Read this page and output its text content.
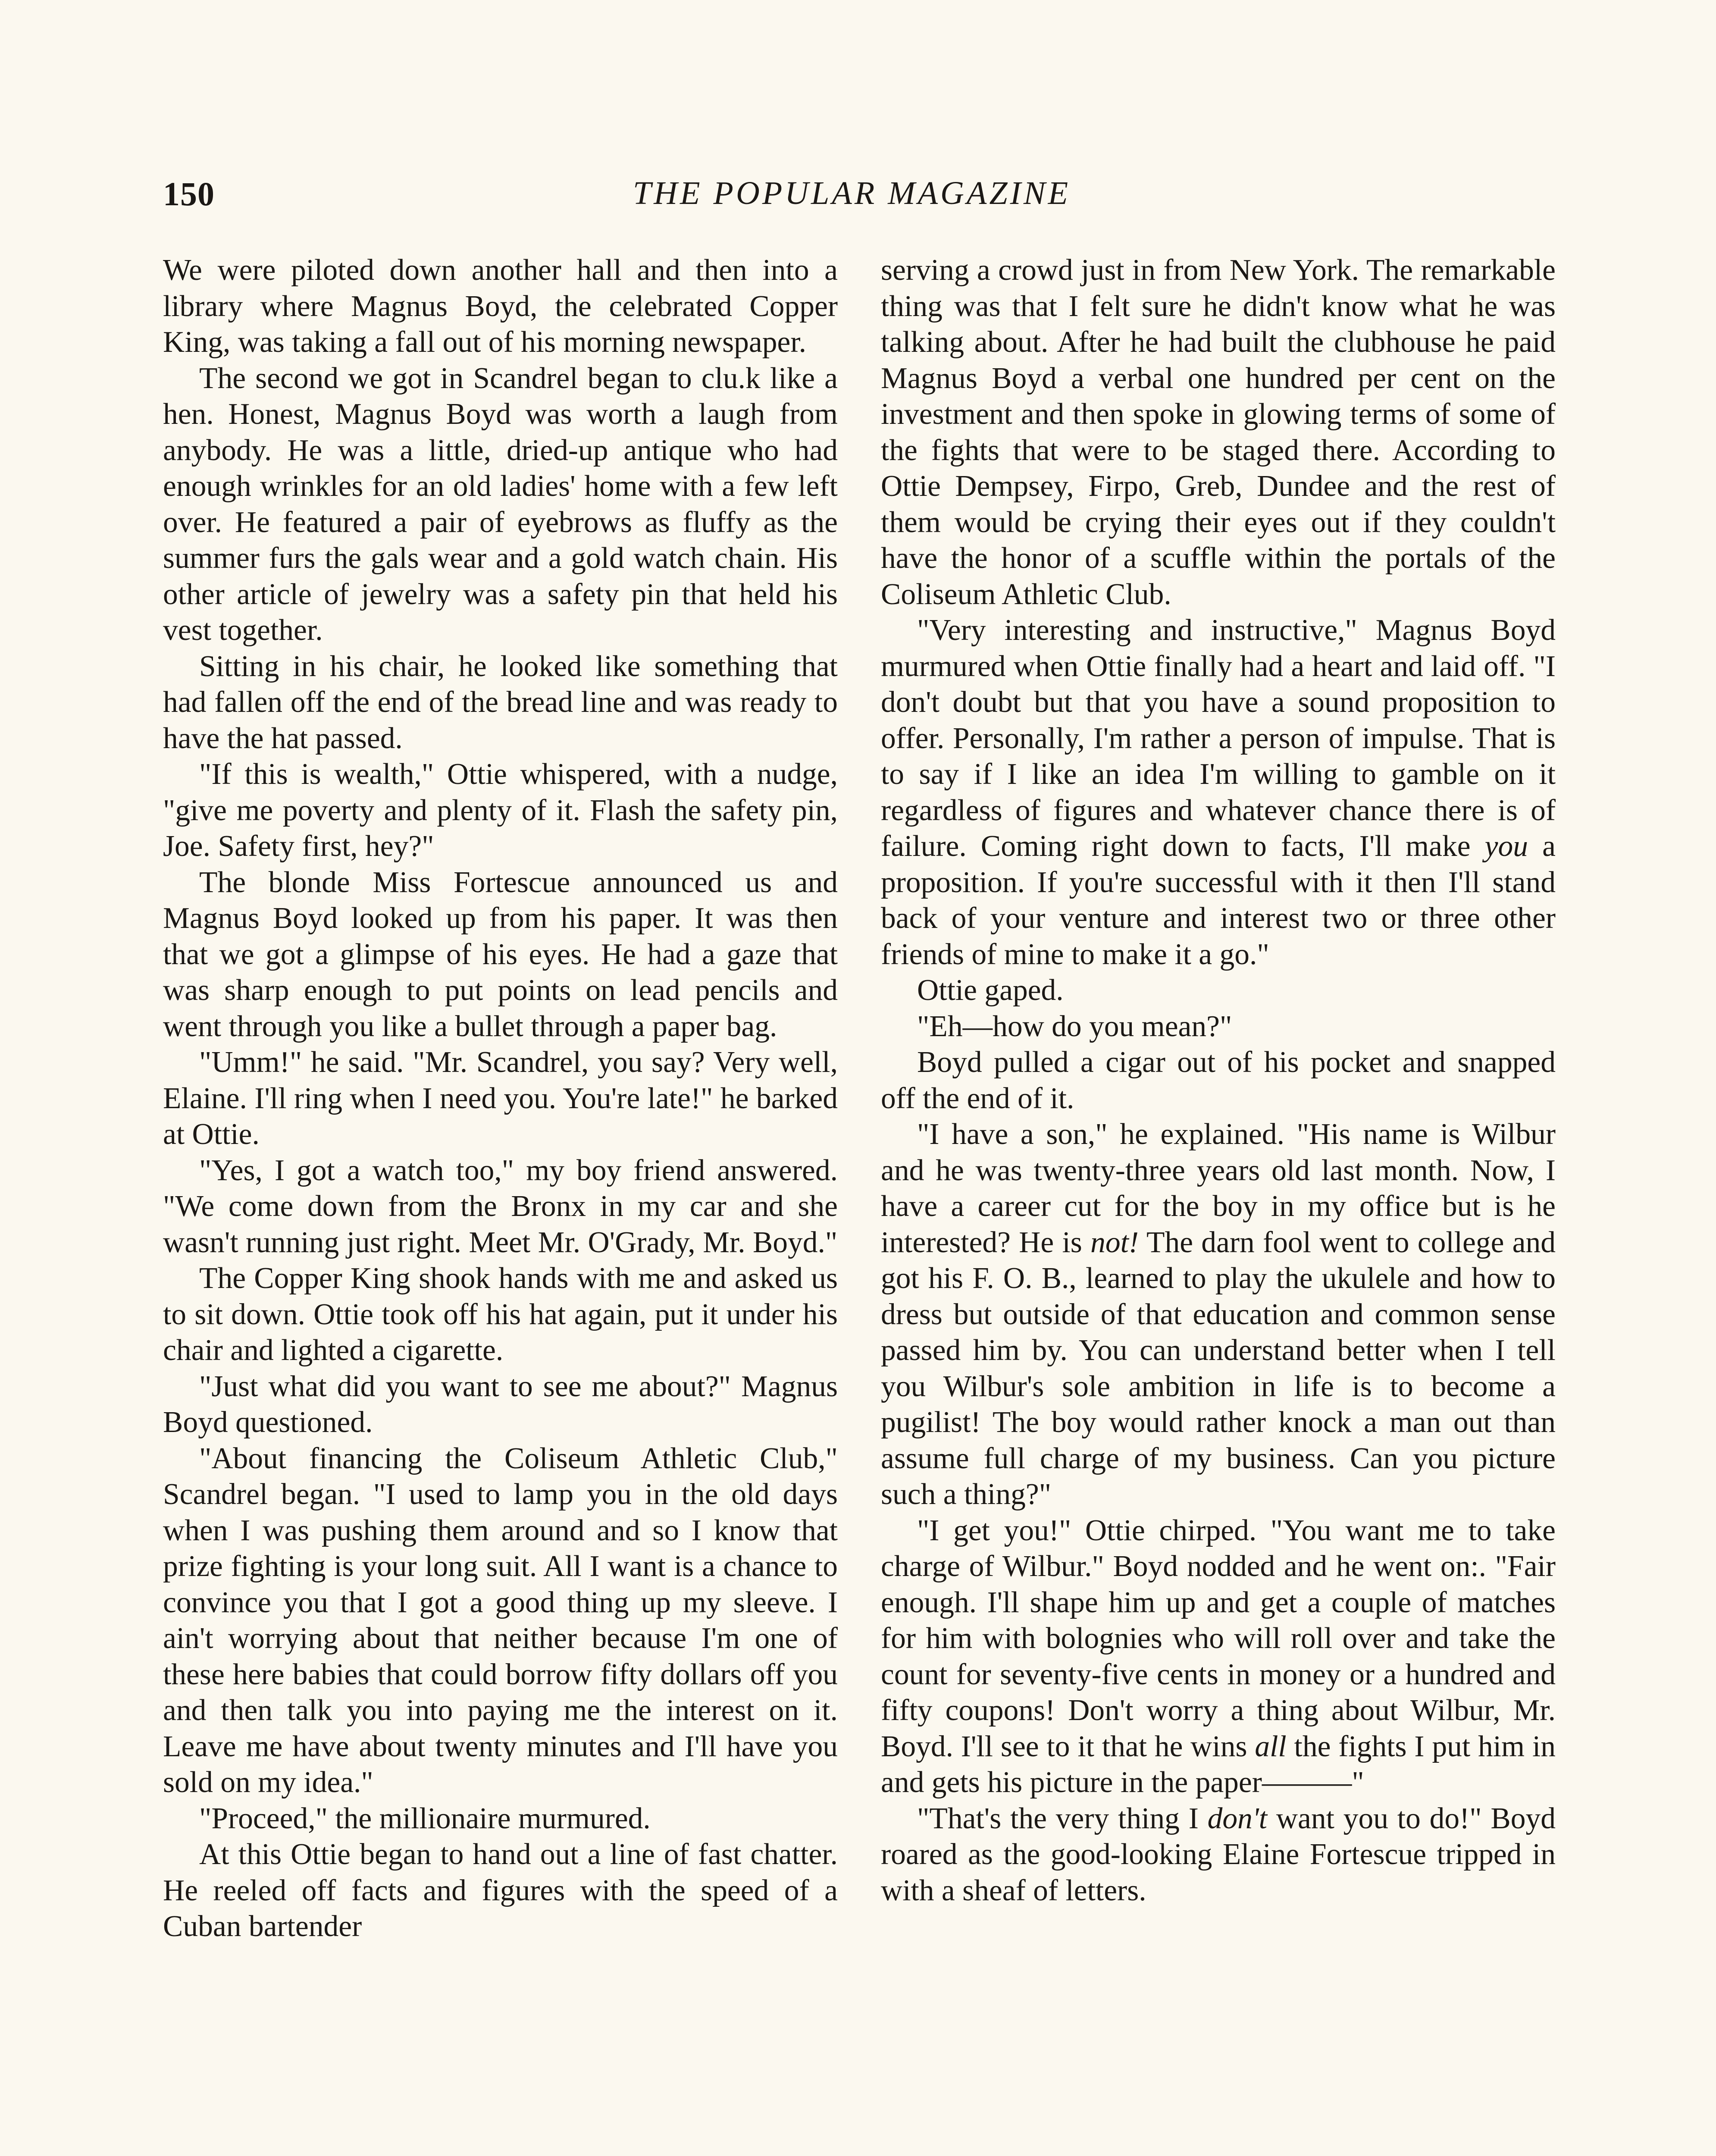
150	THE POPULAR MAGAZINE

We were piloted down another hall and then into a library where Magnus Boyd, the celebrated Copper King, was taking a fall out of his morning newspaper.

The second we got in Scandrel began to clu.k like a hen. Honest, Magnus Boyd was worth a laugh from anybody. He was a little, dried-up antique who had enough wrinkles for an old ladies' home with a few left over. He featured a pair of eyebrows as fluffy as the summer furs the gals wear and a gold watch chain. His other article of jewelry was a safety pin that held his vest together.

Sitting in his chair, he looked like something that had fallen off the end of the bread line and was ready to have the hat passed.

"If this is wealth," Ottie whispered, with a nudge, "give me poverty and plenty of it. Flash the safety pin, Joe. Safety first, hey?"

The blonde Miss Fortescue announced us and Magnus Boyd looked up from his paper. It was then that we got a glimpse of his eyes. He had a gaze that was sharp enough to put points on lead pencils and went through you like a bullet through a paper bag.

"Umm!" he said. "Mr. Scandrel, you say? Very well, Elaine. I'll ring when I need you. You're late!" he barked at Ottie.

"Yes, I got a watch too," my boy friend answered. "We come down from the Bronx in my car and she wasn't running just right. Meet Mr. O'Grady, Mr. Boyd."

The Copper King shook hands with me and asked us to sit down. Ottie took off his hat again, put it under his chair and lighted a cigarette.

"Just what did you want to see me about?" Magnus Boyd questioned.

"About financing the Coliseum Athletic Club," Scandrel began. "I used to lamp you in the old days when I was pushing them around and so I know that prize fighting is your long suit. All I want is a chance to convince you that I got a good thing up my sleeve. I ain't worrying about that neither because I'm one of these here babies that could borrow fifty dollars off you and then talk you into paying me the interest on it. Leave me have about twenty minutes and I'll have you sold on my idea."

"Proceed," the millionaire murmured.

At this Ottie began to hand out a line of fast chatter. He reeled off facts and figures with the speed of a Cuban bartender

serving a crowd just in from New York. The remarkable thing was that I felt sure he didn't know what he was talking about. After he had built the clubhouse he paid Magnus Boyd a verbal one hundred per cent on the investment and then spoke in glowing terms of some of the fights that were to be staged there. According to Ottie Dempsey, Firpo, Greb, Dundee and the rest of them would be crying their eyes out if they couldn't have the honor of a scuffle within the portals of the Coliseum Athletic Club.

"Very interesting and instructive," Magnus Boyd murmured when Ottie finally had a heart and laid off. "I don't doubt but that you have a sound proposition to offer. Personally, I'm rather a person of impulse. That is to say if I like an idea I'm willing to gamble on it regardless of figures and whatever chance there is of failure. Coming right down to facts, I'll make you a proposition. If you're successful with it then I'll stand back of your venture and interest two or three other friends of mine to make it a go."

Ottie gaped.

"Eh—how do you mean?"

Boyd pulled a cigar out of his pocket and snapped off the end of it.

"I have a son," he explained. "His name is Wilbur and he was twenty-three years old last month. Now, I have a career cut for the boy in my office but is he interested? He is not! The darn fool went to college and got his F. O. B., learned to play the ukulele and how to dress but outside of that education and common sense passed him by. You can understand better when I tell you Wilbur's sole ambition in life is to become a pugilist! The boy would rather knock a man out than assume full charge of my business. Can you picture such a thing?"

"I get you!" Ottie chirped. "You want me to take charge of Wilbur." Boyd nodded and he went on:. "Fair enough. I'll shape him up and get a couple of matches for him with bolognies who will roll over and take the count for seventy-five cents in money or a hundred and fifty coupons! Don't worry a thing about Wilbur, Mr. Boyd. I'll see to it that he wins all the fights I put him in and gets his picture in the paper———"

"That's the very thing I don't want you to do!" Boyd roared as the good-looking Elaine Fortescue tripped in with a sheaf of letters.
